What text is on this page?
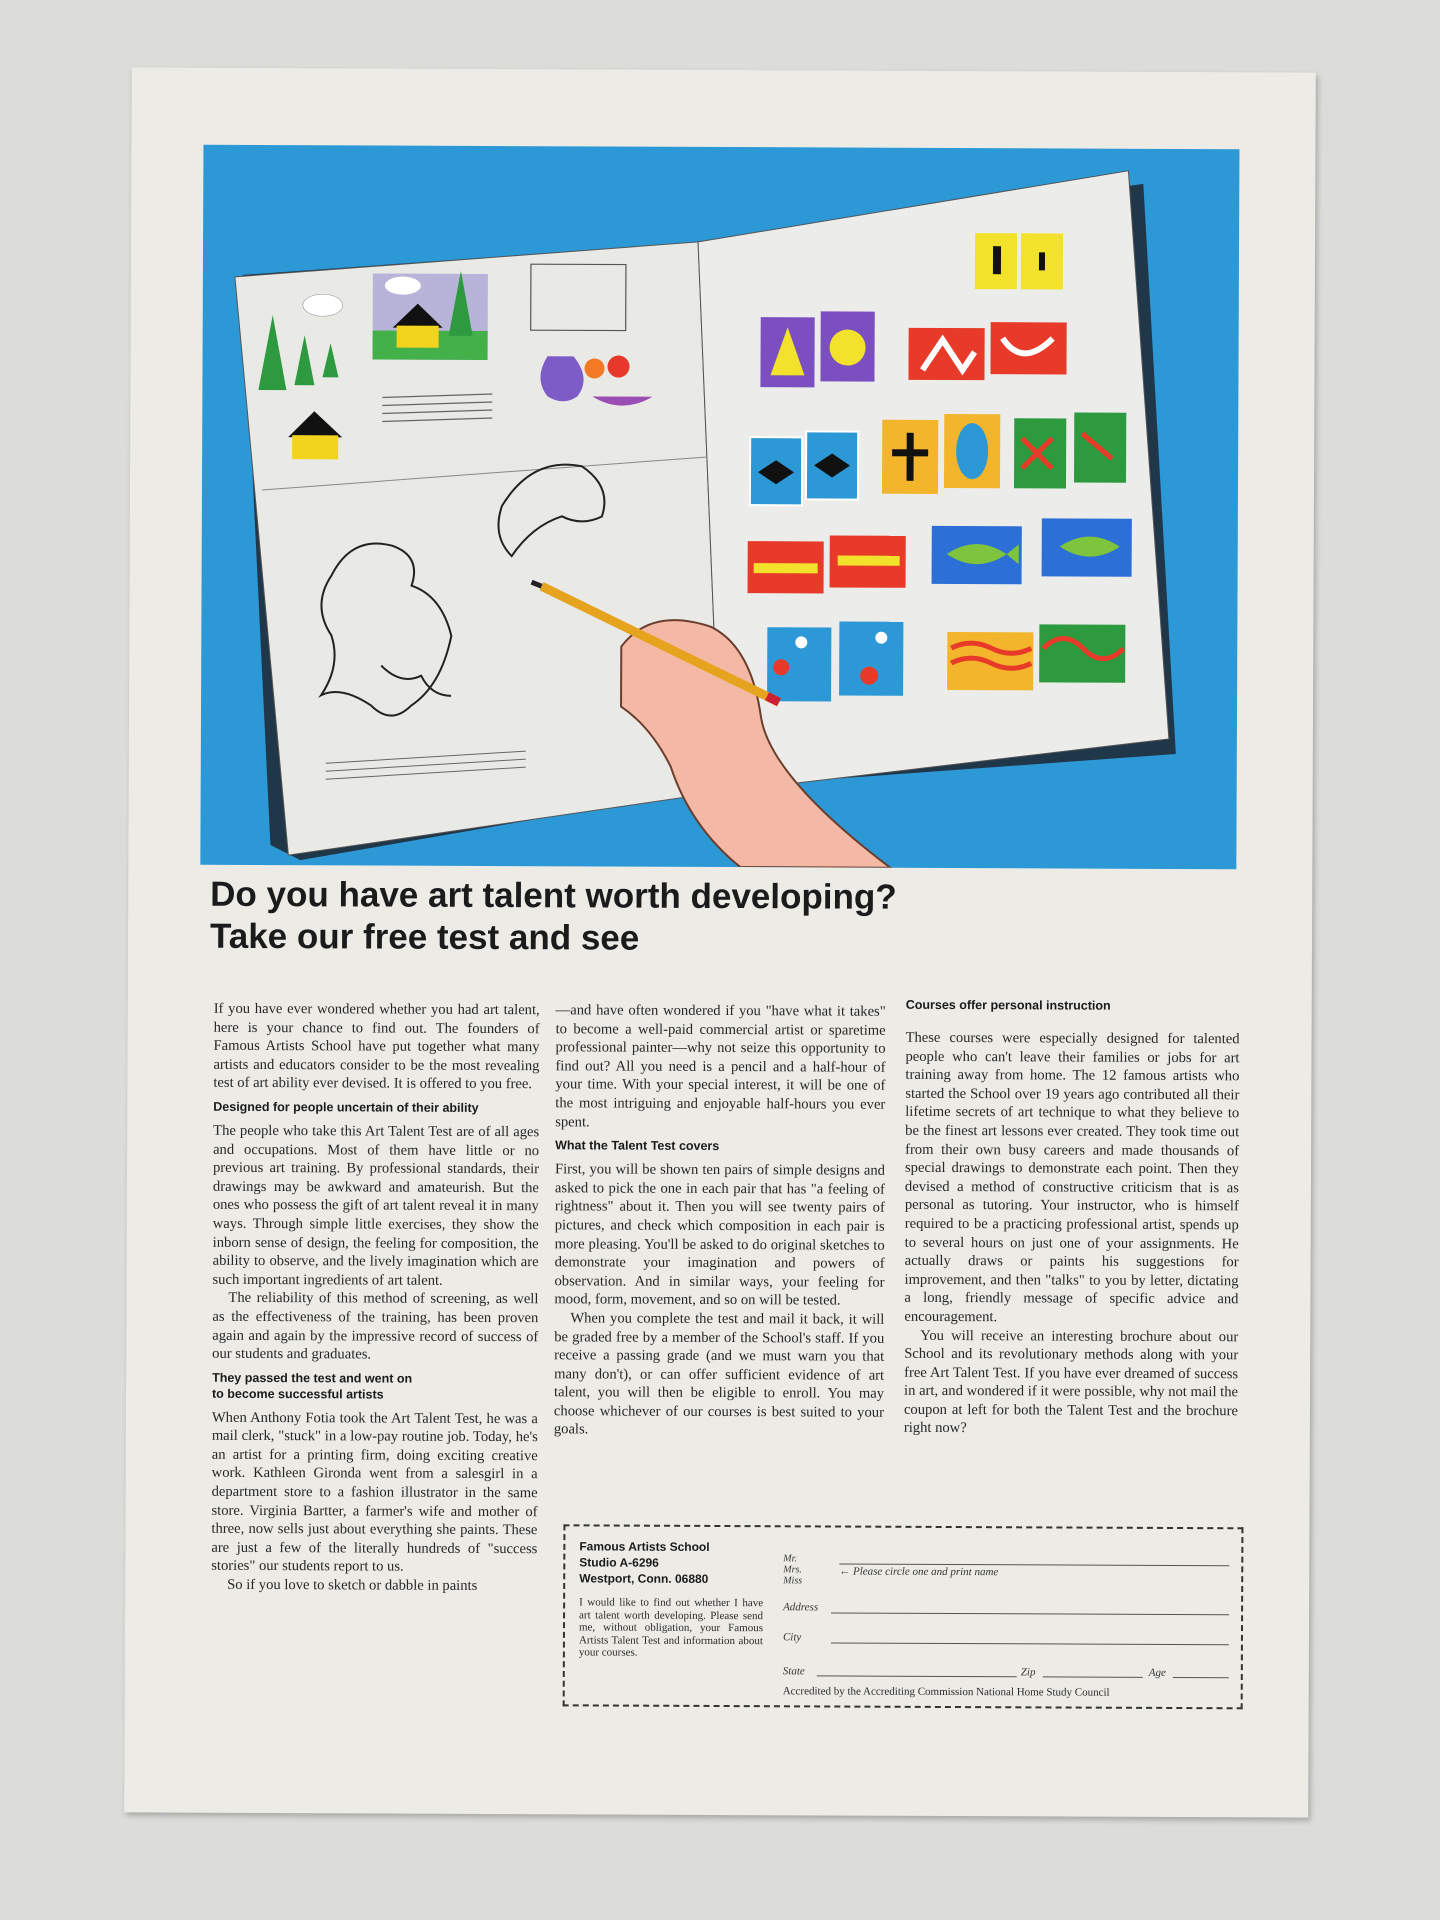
Do you have art talent worth developing?
Take our free test and see

If you have ever wondered whether you had art talent, here is your chance to find out. The founders of Famous Artists School have put together what many artists and educators consider to be the most revealing test of art ability ever devised. It is offered to you free.

Designed for people uncertain of their ability

The people who take this Art Talent Test are of all ages and occupations. Most of them have little or no previous art training. By professional standards, their drawings may be awkward and amateurish. But the ones who possess the gift of art talent reveal it in many ways. Through simple little exercises, they show the inborn sense of design, the feeling for composition, the ability to observe, and the lively imagination which are such important ingredients of art talent.

The reliability of this method of screening, as well as the effectiveness of the training, has been proven again and again by the impressive record of success of our students and graduates.

They passed the test and went on
to become successful artists

When Anthony Fotia took the Art Talent Test, he was a mail clerk, "stuck" in a low-pay routine job. Today, he's an artist for a printing firm, doing exciting creative work. Kathleen Gironda went from a salesgirl in a department store to a fashion illustrator in the same store. Virginia Bartter, a farmer's wife and mother of three, now sells just about everything she paints. These are just a few of the literally hundreds of "success stories" our students report to us.

So if you love to sketch or dabble in paints

—and have often wondered if you "have what it takes" to become a well-paid commercial artist or sparetime professional painter—why not seize this opportunity to find out? All you need is a pencil and a half-hour of your time. With your special interest, it will be one of the most intriguing and enjoyable half-hours you ever spent.

What the Talent Test covers

First, you will be shown ten pairs of simple designs and asked to pick the one in each pair that has "a feeling of rightness" about it. Then you will see twenty pairs of pictures, and check which composition in each pair is more pleasing. You'll be asked to do original sketches to demonstrate your imagination and powers of observation. And in similar ways, your feeling for mood, form, movement, and so on will be tested.

When you complete the test and mail it back, it will be graded free by a member of the School's staff. If you receive a passing grade (and we must warn you that many don't), or can offer sufficient evidence of art talent, you will then be eligible to enroll. You may choose whichever of our courses is best suited to your goals.

Courses offer personal instruction

These courses were especially designed for talented people who can't leave their families or jobs for art training away from home. The 12 famous artists who started the School over 19 years ago contributed all their lifetime secrets of art technique to what they believe to be the finest art lessons ever created. They took time out from their own busy careers and made thousands of special drawings to demonstrate each point. Then they devised a method of constructive criticism that is as personal as tutoring. Your instructor, who is himself required to be a practicing professional artist, spends up to several hours on just one of your assignments. He actually draws or paints his suggestions for improvement, and then "talks" to you by letter, dictating a long, friendly message of specific advice and encouragement.

You will receive an interesting brochure about our School and its revolutionary methods along with your free Art Talent Test. If you have ever dreamed of success in art, and wondered if it were possible, why not mail the coupon at left for both the Talent Test and the brochure right now?

Famous Artists School
Studio A-6296
Westport, Conn. 06880
I would like to find out whether I have art talent worth developing. Please send me, without obligation, your Famous Artists Talent Test and information about your courses.
Mr.
Mrs.
Miss
← Please circle one and print name
Address
City
State	Zip	Age
Accredited by the Accrediting Commission National Home Study Council
